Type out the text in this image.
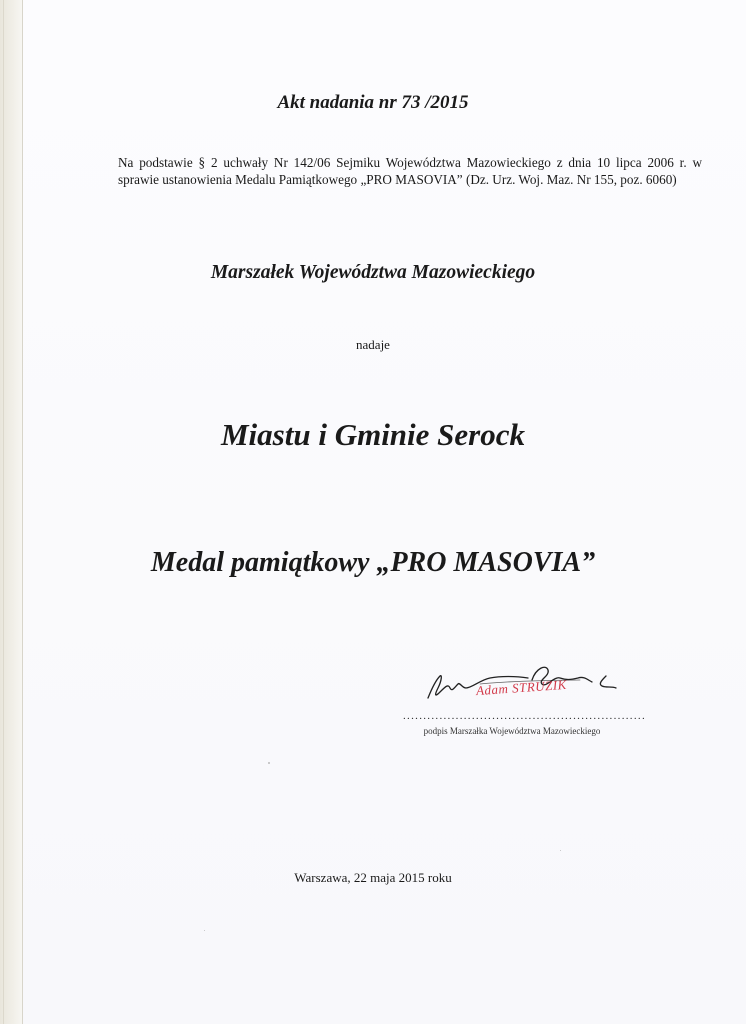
Akt nadania nr 73 /2015
Na podstawie § 2 uchwały Nr 142/06 Sejmiku Województwa Mazowieckiego z dnia 10 lipca 2006 r. w sprawie ustanowienia Medalu Pamiątkowego „PRO MASOVIA” (Dz. Urz. Woj. Maz. Nr 155, poz. 6060)
Marszałek Województwa Mazowieckiego
nadaje
Miastu i Gminie Serock
Medal pamiątkowy „PRO MASOVIA”
Adam STRUZIK
............................................................
podpis Marszałka Województwa Mazowieckiego
Warszawa, 22 maja 2015 roku
